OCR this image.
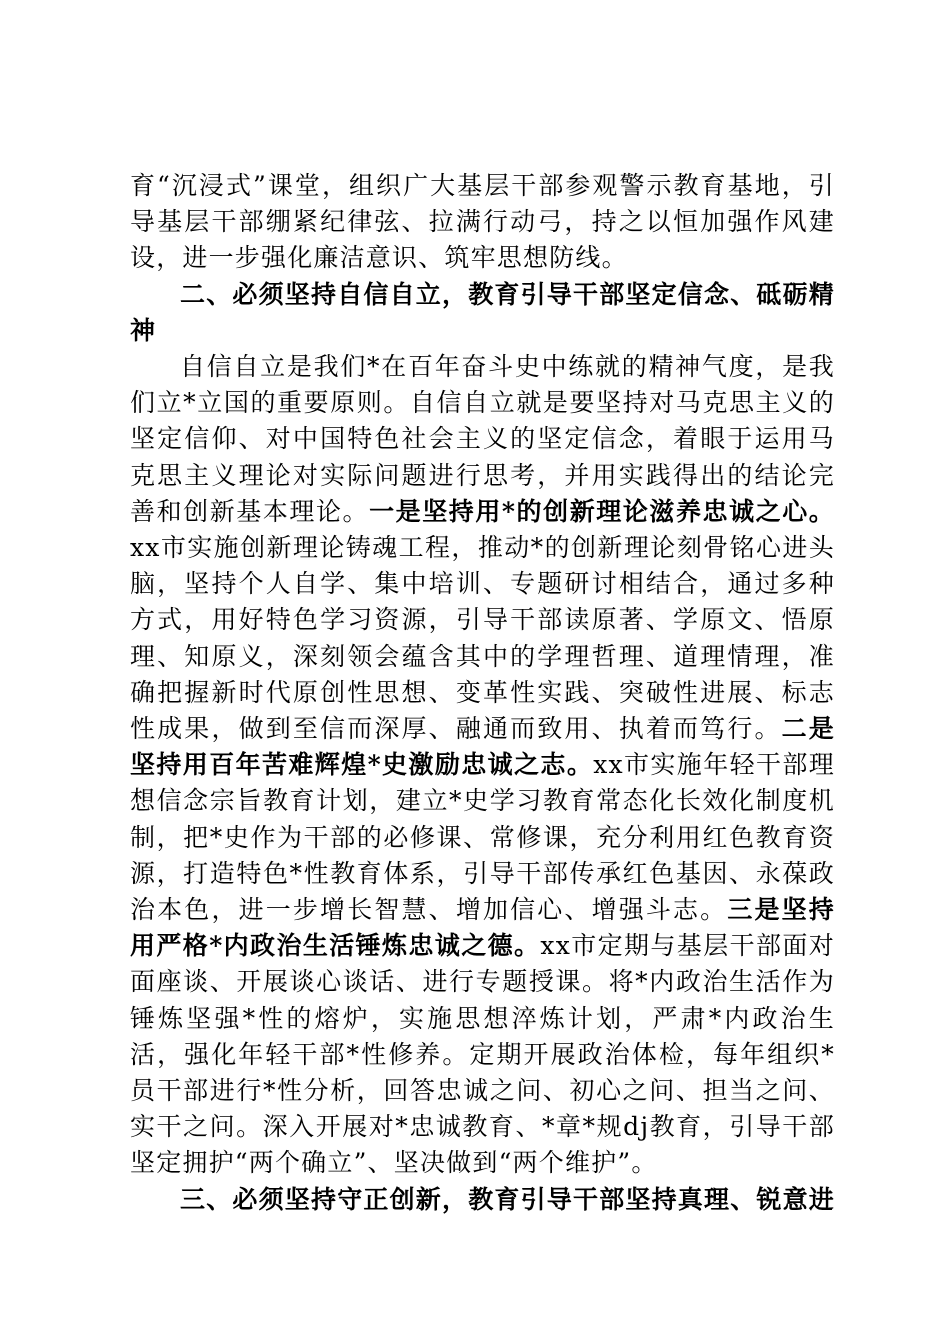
育“沉浸式”课堂，组织广大基层干部参观警示教育基地，引导基层干部绷紧纪律弦、拉满行动弓，持之以恒加强作风建设，进一步强化廉洁意识、筑牢思想防线。

二、必须坚持自信自立，教育引导干部坚定信念、砥砺精神

自信自立是我们*在百年奋斗史中练就的精神气度，是我们立*立国的重要原则。自信自立就是要坚持对马克思主义的坚定信仰、对中国特色社会主义的坚定信念，着眼于运用马克思主义理论对实际问题进行思考，并用实践得出的结论完善和创新基本理论。一是坚持用*的创新理论滋养忠诚之心。xx市实施创新理论铸魂工程，推动*的创新理论刻骨铭心进头脑，坚持个人自学、集中培训、专题研讨相结合，通过多种方式，用好特色学习资源，引导干部读原著、学原文、悟原理、知原义，深刻领会蕴含其中的学理哲理、道理情理，准确把握新时代原创性思想、变革性实践、突破性进展、标志性成果，做到至信而深厚、融通而致用、执着而笃行。二是坚持用百年苦难辉煌*史激励忠诚之志。xx市实施年轻干部理想信念宗旨教育计划，建立*史学习教育常态化长效化制度机制，把*史作为干部的必修课、常修课，充分利用红色教育资源，打造特色*性教育体系，引导干部传承红色基因、永葆政治本色，进一步增长智慧、增加信心、增强斗志。三是坚持用严格*内政治生活锤炼忠诚之德。xx市定期与基层干部面对面座谈、开展谈心谈话、进行专题授课。将*内政治生活作为锤炼坚强*性的熔炉，实施思想淬炼计划，严肃*内政治生活，强化年轻干部*性修养。定期开展政治体检，每年组织*员干部进行*性分析，回答忠诚之问、初心之问、担当之问、实干之问。深入开展对*忠诚教育、*章*规dj教育，引导干部坚定拥护“两个确立”、坚决做到“两个维护”。

三、必须坚持守正创新，教育引导干部坚持真理、锐意进
